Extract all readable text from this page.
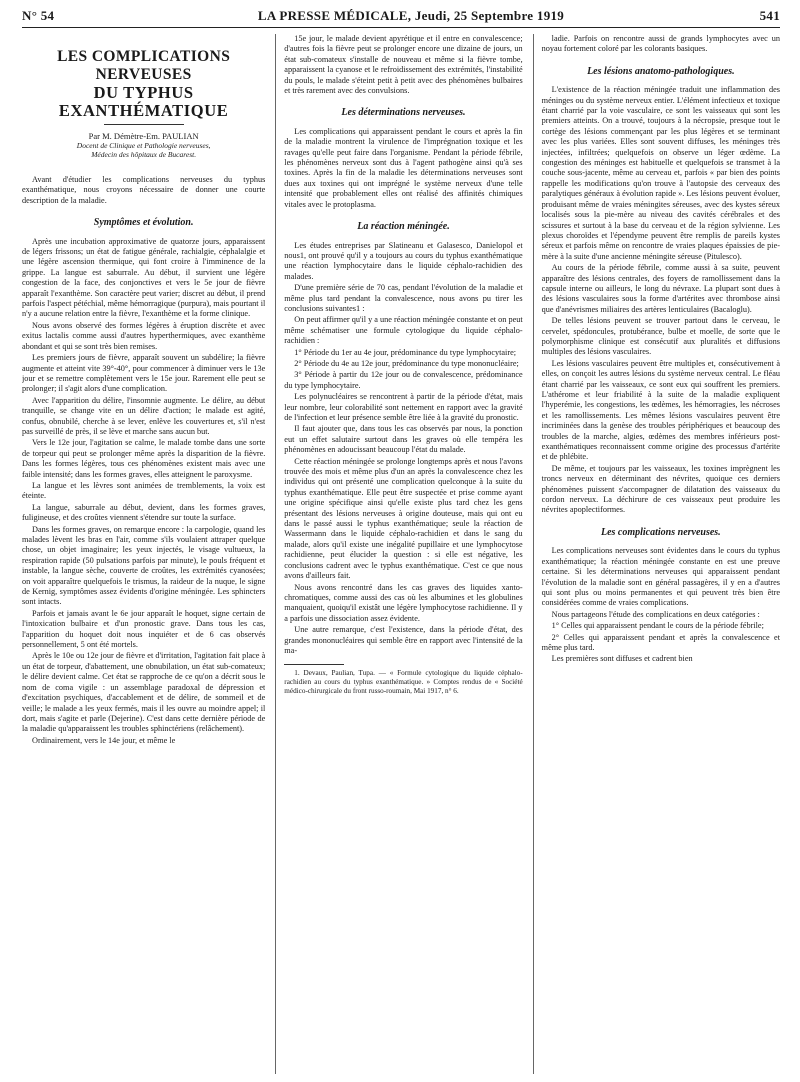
N° 54	LA PRESSE MÉDICALE, Jeudi, 25 Septembre 1919	541
LES COMPLICATIONS NERVEUSES
DU TYPHUS EXANTHÉMATIQUE
Par M. Démètre-Em. PAULIAN
Docent de Clinique et Pathologie nerveuses,
Médecin des hôpitaux de Bucarest.

Avant d'étudier les complications nerveuses du typhus exanthématique, nous croyons nécessaire de donner une courte description de la maladie.

Symptômes et évolution.

Après une incubation approximative de quatorze jours, apparaissent de légers frissons; un état de fatigue générale, rachialgie, céphalalgie et une légère ascension thermique, qui font croire à l'imminence de la grippe. La langue est saburrale. Au début, il survient une légère congestion de la face, des conjonctives et vers le 5e jour de fièvre apparaît l'exanthème. Son caractère peut varier; discret au début, il prend parfois l'aspect pétéchial, même hémorragique (purpura), mais pourtant il n'y a aucune relation entre la fièvre, l'exanthème et la forme clinique.

Nous avons observé des formes légères à éruption discrète et avec exitus lactalis comme aussi d'autres hyperthermiques, avec exanthème abondant et qui se sont très bien remises.

Les premiers jours de fièvre, apparaît souvent un subdélire; la fièvre augmente et atteint vite 39°-40°, pour commencer à diminuer vers le 13e jour et se remettre complètement vers le 15e jour. Rarement elle peut se prolonger; il s'agit alors d'une complication.

Avec l'apparition du délire, l'insomnie augmente. Le délire, au début tranquille, se change vite en un délire d'action; le malade est agité, confus, obnubilé, cherche à se lever, enlève les couvertures et, s'il n'est pas surveillé de près, il se lève et marche sans aucun but.

Vers le 12e jour, l'agitation se calme, le malade tombe dans une sorte de torpeur qui peut se prolonger même après la disparition de la fièvre. Dans les formes légères, tous ces phénomènes existent mais avec une faible intensité; dans les formes graves, elles atteignent le paroxysme.

La langue et les lèvres sont animées de tremblements, la voix est éteinte.

La langue, saburrale au début, devient, dans les formes graves, fuligineuse, et des croûtes viennent s'étendre sur toute la surface.

Dans les formes graves, on remarque encore : la carpologie, quand les malades lèvent les bras en l'air, comme s'ils voulaient attraper quelque chose, un objet imaginaire; les yeux injectés, le visage vultueux, la respiration rapide (50 pulsations parfois par minute), le pouls fréquent et instable, la langue sèche, couverte de croûtes, les extrémités cyanosées; on voit apparaître quelquefois le trismus, la raideur de la nuque, le signe de Kernig, symptômes assez évidents d'origine méningée. Les sphincters sont intacts.

Parfois et jamais avant le 6e jour apparaît le hoquet, signe certain de l'intoxication bulbaire et d'un pronostic grave. Dans tous les cas, l'apparition du hoquet doit nous inquiéter et de 6 cas observés personnellement, 5 ont été mortels.

Après le 10e ou 12e jour de fièvre et d'irritation, l'agitation fait place à un état de torpeur, d'abattement, une obnubilation, un état sub-comateux; le délire devient calme. Cet état se rapproche de ce qu'on a décrit sous le nom de coma vigile : un assemblage paradoxal de dépression et d'excitation psychiques, d'accablement et de délire, de sommeil et de veille; le malade a les yeux fermés, mais il les ouvre au moindre appel; il dort, mais s'agite et parle (Dejerine). C'est dans cette dernière période de la maladie qu'apparaissent les troubles sphinctériens (relâchement).

Ordinairement, vers le 14e jour, et même le

15e jour, le malade devient apyrétique et il entre en convalescence; d'autres fois la fièvre peut se prolonger encore une dizaine de jours, un état sub-comateux s'installe de nouveau et même si la fièvre tombe, apparaissent la cyanose et le refroidissement des extrémités, l'instabilité du pouls, le malade s'éteint petit à petit avec des phénomènes bulbaires et très rarement avec des convulsions.

Les déterminations nerveuses.

Les complications qui apparaissent pendant le cours et après la fin de la maladie montrent la virulence de l'imprégnation toxique et les ravages qu'elle peut faire dans l'organisme. Pendant la période fébrile, les phénomènes nerveux sont dus à l'agent pathogène ainsi qu'à ses toxines. Après la fin de la maladie les déterminations nerveuses sont dues aux toxines qui ont imprégné le système nerveux d'une telle intensité que probablement elles ont réalisé des affinités chimiques vitales avec le protoplasma.

La réaction méningée.

Les études entreprises par Slatineanu et Galasesco, Danielopol et nous1, ont prouvé qu'il y a toujours au cours du typhus exanthématique une réaction lymphocytaire dans le liquide céphalo-rachidien des malades.

D'une première série de 70 cas, pendant l'évolution de la maladie et même plus tard pendant la convalescence, nous avons pu tirer les conclusions suivantes1 :

On peut affirmer qu'il y a une réaction méningée constante et on peut même schématiser une formule cytologique du liquide céphalo-rachidien :

1° Période du 1er au 4e jour, prédominance du type lymphocytaire;

2° Période du 4e au 12e jour, prédominance du type mononucléaire;

3° Période à partir du 12e jour ou de convalescence, prédominance du type lymphocytaire.

Les polynucléaires se rencontrent à partir de la période d'état, mais leur nombre, leur colorabilité sont nettement en rapport avec la gravité de l'infection et leur présence semble être liée à la gravité du pronostic.

Il faut ajouter que, dans tous les cas observés par nous, la ponction eut un effet salutaire surtout dans les graves où elle tempéra les phénomènes en adoucissant beaucoup l'état du malade.

Cette réaction méningée se prolonge longtemps après et nous l'avons trouvée des mois et même plus d'un an après la convalescence chez les individus qui ont présenté une complication quelconque à la suite du typhus exanthématique. Elle peut être suspectée et prise comme ayant une origine spécifique ainsi qu'elle existe plus tard chez les gens présentant des lésions nerveuses à origine douteuse, mais qui ont eu dans le passé aussi le typhus exanthématique; seule la réaction de Wassermann dans le liquide céphalo-rachidien et dans le sang du malade, alors qu'il existe une inégalité pupillaire et une lymphocytose rachidienne, peut élucider la question : si elle est négative, les conclusions cadrent avec le typhus exanthématique. C'est ce que nous avons d'ailleurs fait.

Nous avons rencontré dans les cas graves des liquides xanto-chromatiques, comme aussi des cas où les albumines et les globulines manquaient, quoiqu'il existât une légère lymphocytose rachidienne. Il y a parfois une dissociation assez évidente.

Une autre remarque, c'est l'existence, dans la période d'état, des grandes mononucléaires qui semble être en rapport avec l'intensité de la ma-

1. Devaux, Paulian, Tupa. — « Formule cytologique du liquide céphalo-rachidien au cours du typhus exanthématique. » Comptes rendus de « Société médico-chirurgicale du front russo-roumain, Mai 1917, n° 6.

ladie. Parfois on rencontre aussi de grands lymphocytes avec un noyau fortement coloré par les colorants basiques.

Les lésions anatomo-pathologiques.

L'existence de la réaction méningée traduit une inflammation des méninges ou du système nerveux entier. L'élément infectieux et toxique étant charrié par la voie vasculaire, ce sont les vaisseaux qui sont les premiers atteints. On a trouvé, toujours à la nécropsie, presque tout le cortège des lésions commençant par les plus légères et se terminant avec les plus variées. Elles sont souvent diffuses, les méninges très injectées, infiltrées; quelquefois on observe un léger œdème. La congestion des méninges est habituelle et quelquefois se transmet à la couche sous-jacente, même au cerveau et, parfois « par bien des points rappelle les modifications qu'on trouve à l'autopsie des cerveaux des paralytiques généraux à évolution rapide ». Les lésions peuvent évoluer, produisant même de vraies méningites séreuses, avec des kystes séreux localisés sous la pie-mère au niveau des cavités cérébrales et des scissures et surtout à la base du cerveau et de la région sylvienne. Les plexus choroïdes et l'épendyme peuvent être remplis de pareils kystes séreux et parfois même on rencontre de vraies plaques épaissies de pie-mère à la suite d'une ancienne méningite séreuse (Pitulesco).

Au cours de la période fébrile, comme aussi à sa suite, peuvent apparaître des lésions centrales, des foyers de ramollissement dans la capsule interne ou ailleurs, le long du névraxe. La plupart sont dues à des lésions vasculaires sous la forme d'artérites avec thrombose ainsi que d'anévrismes miliaires des artères lenticulaires (Bacaloglu).

De telles lésions peuvent se trouver partout dans le cerveau, le cervelet, spédoncules, protubérance, bulbe et moelle, de sorte que le polymorphisme clinique est consécutif aux pluralités et diffusions multiples des lésions vasculaires.

Les lésions vasculaires peuvent être multiples et, consécutivement à elles, on conçoit les autres lésions du système nerveux central. Le fléau étant charrié par les vaisseaux, ce sont eux qui souffrent les premiers. L'athérome et leur friabilité à la suite de la maladie expliquent l'hyperémie, les congestions, les œdèmes, les hémorragies, les nécroses et les ramollissements. Les mêmes lésions vasculaires peuvent être incriminées dans la genèse des troubles périphériques et beaucoup des troubles de la marche, algies, œdèmes des membres inférieurs post-exanthématiques reconnaissent comme origine des processus d'artérite et de phlébite.

De même, et toujours par les vaisseaux, les toxines imprègnent les troncs nerveux en déterminant des névrites, quoique ces derniers phénomènes puissent s'accompagner de dilatation des vaisseaux du cordon nerveux. La déchirure de ces vaisseaux peut produire les névrites apoplectiformes.

Les complications nerveuses.

Les complications nerveuses sont évidentes dans le cours du typhus exanthématique; la réaction méningée constante en est une preuve certaine. Si les déterminations nerveuses qui apparaissent pendant l'évolution de la maladie sont en général passagères, il y en a d'autres qui sont plus ou moins permanentes et qui peuvent très bien être considérées comme de vraies complications.

Nous partageons l'étude des complications en deux catégories :

1° Celles qui apparaissent pendant le cours de la période fébrile;

2° Celles qui apparaissent pendant et après la convalescence et même plus tard.

Les premières sont diffuses et cadrent bien
